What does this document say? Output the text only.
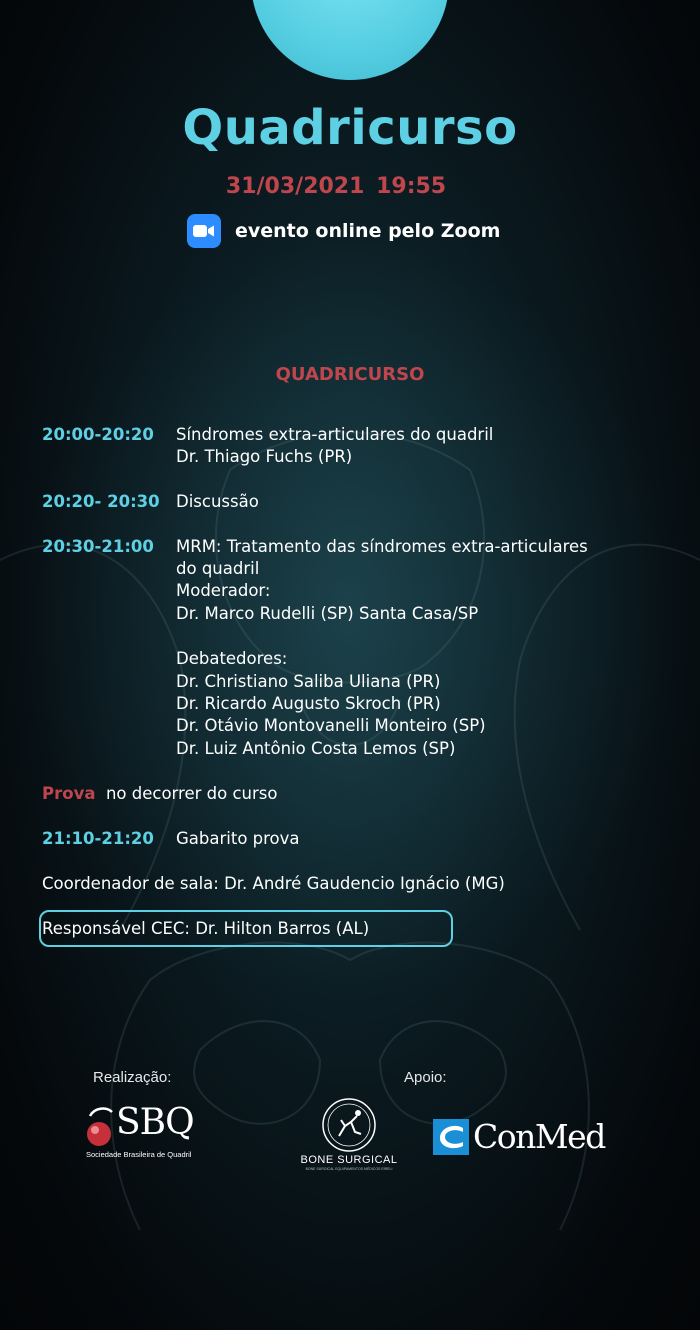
Quadricurso
31/03/2021 19:55
evento online pelo Zoom
QUADRICURSO
20:00-20:20 Síndromes extra-articulares do quadril
Dr. Thiago Fuchs (PR)
20:20- 20:30 Discussão
20:30-21:00 MRM: Tratamento das síndromes extra-articulares
do quadril
Moderador:
Dr. Marco Rudelli (SP) Santa Casa/SP
Debatedores:
Dr. Christiano Saliba Uliana (PR)
Dr. Ricardo Augusto Skroch (PR)
Dr. Otávio Montovanelli Monteiro (SP)
Dr. Luiz Antônio Costa Lemos (SP)
Prova no decorrer do curso
21:10-21:20 Gabarito prova
Coordenador de sala: Dr. André Gaudencio Ignácio (MG)
Responsável CEC: Dr. Hilton Barros (AL)
Realização:	Apoio:
SBQ
Sociedade Brasileira de Quadril	BONE SURGICAL
BONE SURGICAL EQUIPAMENTOS MÉDICOS EIRELI
ConMed
